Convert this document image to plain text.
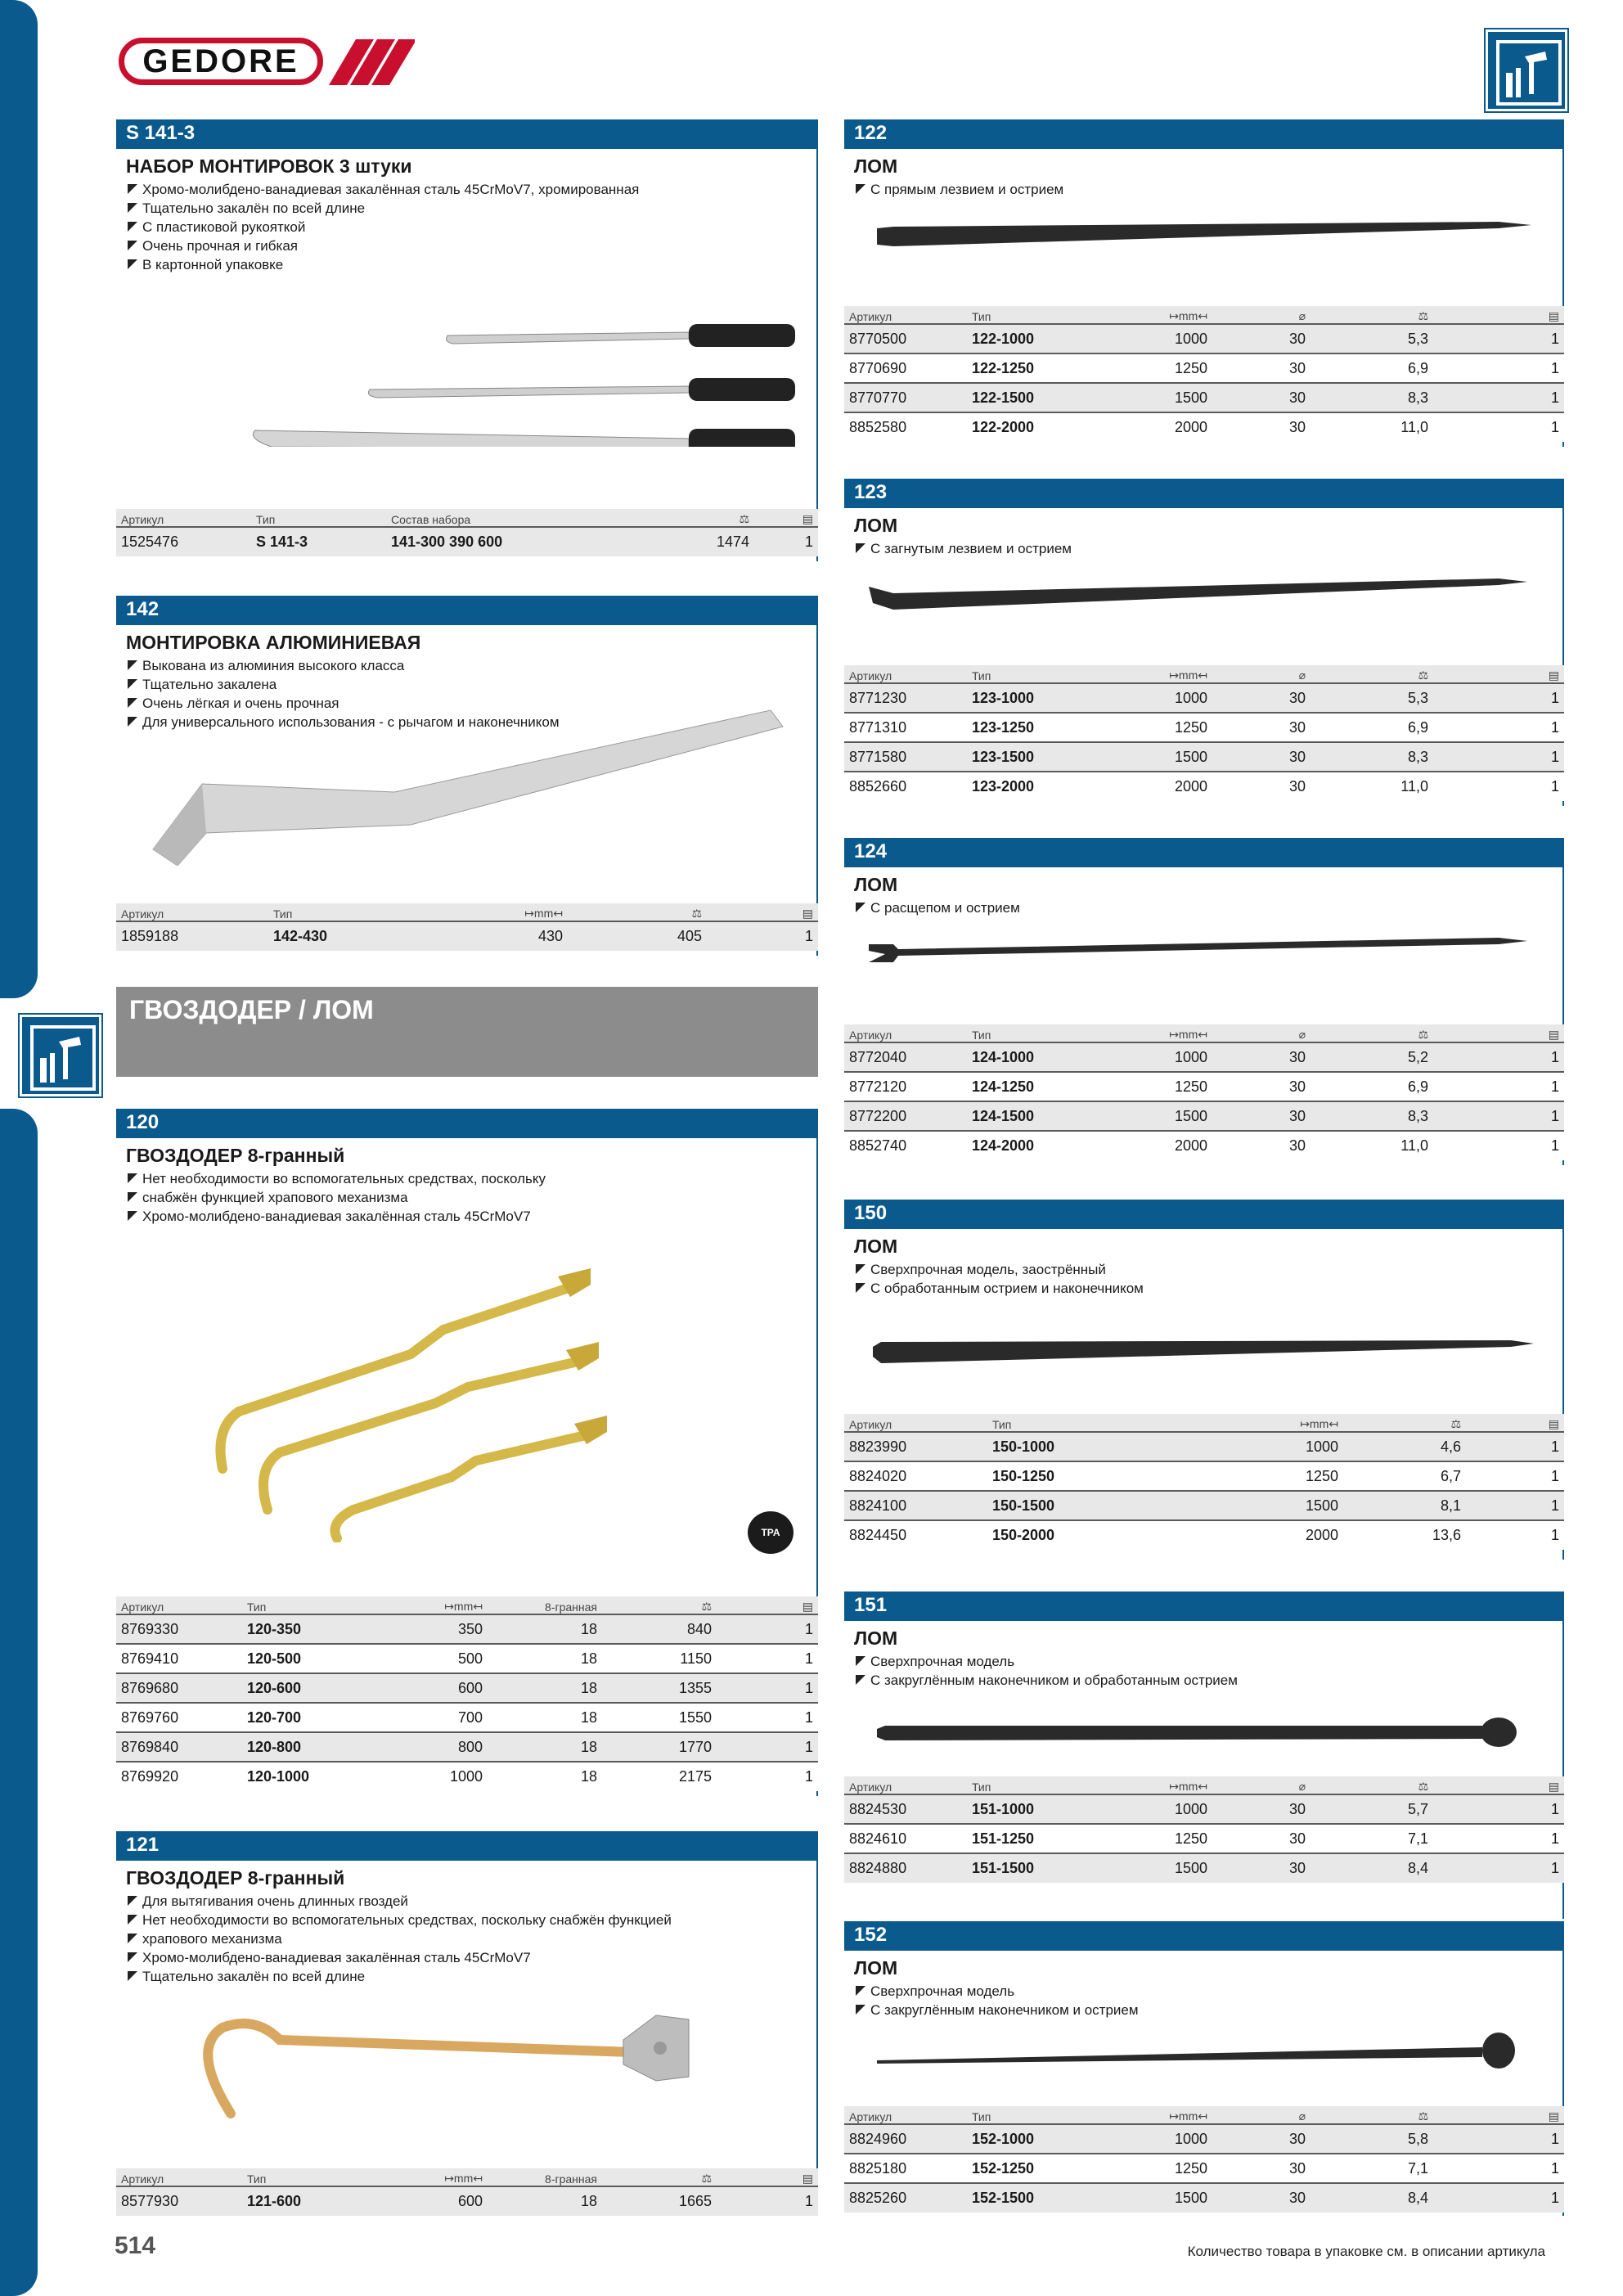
GEDORE
S 141-3
НАБОР МОНТИРОВОК 3 штуки
Хромо-молибдено-ванадиевая закалённая сталь 45CrMoV7, хромированная
Тщательно закалён по всей длине
С пластиковой рукояткой
Очень прочная и гибкая
В картонной упаковке
Артикул	Тип	Состав набора	⚖	▤
1525476	S 141-3	141-300 390 600	1474	1
142
МОНТИРОВКА АЛЮМИНИЕВАЯ
Выкована из алюминия высокого класса
Тщательно закалена
Очень лёгкая и очень прочная
Для универсального использования - с рычагом и наконечником
Артикул	Тип	↦mm↤	⚖	▤
1859188	142-430	430	405	1
ГВОЗДОДЕР / ЛОМ
120
ГВОЗДОДЕР 8-гранный
Нет необходимости во вспомогательных средствах, поскольку
снабжён функцией храпового механизма
Хромо-молибдено-ванадиевая закалённая сталь 45CrMoV7
TPA
Артикул	Тип	↦mm↤	8-гранная	⚖	▤
8769330	120-350	350	18	840	1
8769410	120-500	500	18	1150	1
8769680	120-600	600	18	1355	1
8769760	120-700	700	18	1550	1
8769840	120-800	800	18	1770	1
8769920	120-1000	1000	18	2175	1
121
ГВОЗДОДЕР 8-гранный
Для вытягивания очень длинных гвоздей
Нет необходимости во вспомогательных средствах, поскольку снабжён функцией
храпового механизма
Хромо-молибдено-ванадиевая закалённая сталь 45CrMoV7
Тщательно закалён по всей длине
Артикул	Тип	↦mm↤	8-гранная	⚖	▤
8577930	121-600	600	18	1665	1
122
ЛОМ
С прямым лезвием и острием
Артикул	Тип	↦mm↤	⌀	⚖	▤
8770500	122-1000	1000	30	5,3	1
8770690	122-1250	1250	30	6,9	1
8770770	122-1500	1500	30	8,3	1
8852580	122-2000	2000	30	11,0	1
123
ЛОМ
С загнутым лезвием и острием
Артикул	Тип	↦mm↤	⌀	⚖	▤
8771230	123-1000	1000	30	5,3	1
8771310	123-1250	1250	30	6,9	1
8771580	123-1500	1500	30	8,3	1
8852660	123-2000	2000	30	11,0	1
124
ЛОМ
С расщепом и острием
Артикул	Тип	↦mm↤	⌀	⚖	▤
8772040	124-1000	1000	30	5,2	1
8772120	124-1250	1250	30	6,9	1
8772200	124-1500	1500	30	8,3	1
8852740	124-2000	2000	30	11,0	1
150
ЛОМ
Сверхпрочная модель, заострённый
С обработанным острием и наконечником
Артикул	Тип	↦mm↤	⚖	▤
8823990	150-1000	1000	4,6	1
8824020	150-1250	1250	6,7	1
8824100	150-1500	1500	8,1	1
8824450	150-2000	2000	13,6	1
151
ЛОМ
Сверхпрочная модель
С закруглённым наконечником и обработанным острием
Артикул	Тип	↦mm↤	⌀	⚖	▤
8824530	151-1000	1000	30	5,7	1
8824610	151-1250	1250	30	7,1	1
8824880	151-1500	1500	30	8,4	1
152
ЛОМ
Сверхпрочная модель
С закруглённым наконечником и острием
Артикул	Тип	↦mm↤	⌀	⚖	▤
8824960	152-1000	1000	30	5,8	1
8825180	152-1250	1250	30	7,1	1
8825260	152-1500	1500	30	8,4	1
514	Количество товара в упаковке см. в описании артикула
